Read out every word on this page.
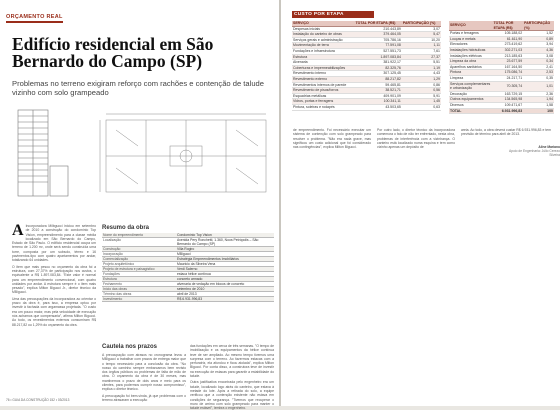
ORÇAMENTO REAL
Edifício residencial em São Bernardo do Campo (SP)

Problemas no terreno exigiram reforço com rachões e contenção de talude vizinho com solo grampeado

A Incorporadora Milbgucci iniciou em setembro de 2010 a construção do condomínio Top Vision, empreendimento para a classe média localizado em São Bernardo do Campo, Estado de São Paulo. O edifício residencial ocupa um terreno de 1.200 m², onde será sendo construída uma torre, composta por um subsolo, térreo e 16 pavimentos-tipo com quatro apartamentos por andar, totalizando 64 unidades.

O item que mais pesou no orçamento da obra foi a estrutura, com 27,37% de participação nos custos, o equivalente a R$ 1.897.083,84. "Este valor é normal para um empreendimento convencional, com quatro unidades por andar. A estrutura sempre é o item mais pesado", explica Milton Bigucci Jr., diretor técnico da MBigucci.

Uma das preocupações da incorporadora ao orientar o prazo da obra é, para isso, a empresa optou por investir à fachada com argamassa projetada. "O custo era um pouco maior, mas pela velocidade de execução nós achamos que compensaria", afirma Milton Bigucci. Ao todo, os revestimentos externos consumiram R$ 88.217,82 ou 1,29% do orçamento da obra.

Resumo da obra
Nome do empreendimento	Condomínio Top Vision
Localização	Avenida Pery Ronchetti, 1.360, Nova Petrópolis – São Bernardo do Campo (SP)
Construção	Villa Rogiro
Incorporação	MBigucci
Comercialização	Estratégia Empreendimentos Imobiliários
Projeto arquitetônico	Mauricio da Silveira Vena
Projeto de estrutura e paisagístico	Verdi Salerno
Fundações	estaca hélice contínua
Estrutura	concreto armado
Fechamento	alvenaria de vedação em blocos de concreto
Início das obras	setembro de 2010
Término das obras	abril de 2013
Investimento	R$ 6.931.996,83
Cautela nos prazos

A preocupação com atrasos no cronograma levou a MBigucci a trabalhar com prazos de entrega maior que o tempo necessário para a conclusão da obra. "No nosso do caminho sempre embarcamos bem revisto dos órgãos públicos ou problemas de falta de mão de obra. O orçamento da obra é de 30 meses, mas mantivemos o prazo de dois anos e meio para os clientes, para podermos cumprir nosso compromisso", explica o diretor técnico.

A preocupação foi bem-vinda, já que problemas com o terreno atrasaram a execução

das fundações em cerca de três semanas. "O tempo de imobilização e os equipamentos da hélice contínua teve de ser ampliado. Ao mesmo tempo tivemos uma surpresa com o terreno. Ao fazermos estacas com a perfuratriz, ela afundou e ficou atolada", explica Milton Bigucci. Por conta disso, a construtora teve de investir na execução de estacas para garantir a estabilidade do talude.

Outra justificativa encontrada pelo engenheiro era um talude, localizado logo atrás do canteiro, que estava à metade do lote. Após a retirada do solo, a equipe verificou que a contenção existente não estava em condições de segurança. "Tivemos que recuperar o muro de arrimo com solo grampeado para manter o talude estável", lembra o engenheiro.

76 • GUIA DA CONSTRUÇÃO 152 • 03/2013
CUSTO POR ETAPA
SERVIÇO	TOTAL POR ETAPA (R$)	PARTICIPAÇÃO (%)
Despesas iniciais	210.443,89	3,07
Instalação do canteiro de obras	379.464,05	5,47
Serviços gerais e administração	705.786,16	10,20
Movimentação de terra	77.591,08	1,11
Fundações e infraestrutura	527.551,73	7,61
Estrutura	1.897.083,84	27,37
Alvenaria	381.922,17	5,51
Coberturas e impermeabilizações	82.325,76	1,19
Revestimento interno	307.125,45	4,43
Revestimento externo	88.217,82	1,29
Revestimentos internos de parede	59.465,81	0,86
Revestimento de pisos/forros	38.521,71	0,56
Esquadrias metálicas	409.901,09	5,91
Vidros, portas e ferragens	100.341,11	1,45
Pintura, soleiras e rodapés	43.503,65	0,63
SERVIÇO	TOTAL POR ETAPA (R$)	PARTICIPAÇÃO (%)
Portas e ferragens	105.188,02	1,52
Louças e metais	61.611,90	0,89
Elevadores	273.419,62	3,94
Instalações hidráulicas	302.271,03	4,36
Instalações elétricas	213.185,63	3,08
Limpeza da obra	23.677,59	0,34
Aparelhos sanitários	167.164,50	2,41
Pintura	175.086,74	2,53
Limpeza	24.217,71	0,35
Serviços complementares e urbanização	70.305,74	1,01
Decoração	163.729,15	2,36
Outros equipamentos	134.565,98	1,94
Diversos	109.471,67	1,58
TOTAL	6.931.996,83	100

de empreendimento. Foi necessário executar um sistema de contenção com solo grampeado para resolver o problema. "Não era nada grave, mas significou um custo adicional que foi considerado nas contingências", explica Milton Bigucci.

Por outro lado, o diretor técnico da incorporadora comemora o fato de não ter enfrentado, nesta obra, problemas de interferência com a vizinhança. O canteiro está localizado numa esquina e tem como vizinho apenas um depósito de

areia. Ao todo, a obra deverá custar R$ 6.931.996,83 e tem previsão de término para abril de 2013.

Aline Mariano
Apoio de Engenharia: Júlio Cerezo Silveira
